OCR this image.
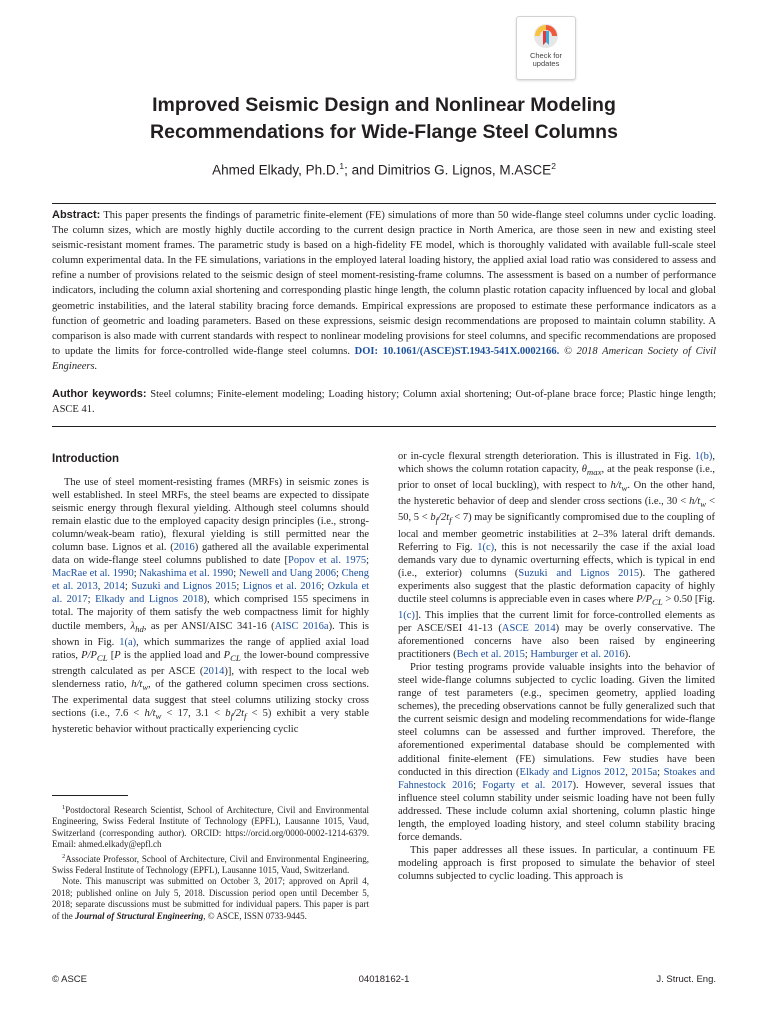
Check for
updates
Improved Seismic Design and Nonlinear Modeling
Recommendations for Wide-Flange Steel Columns
Ahmed Elkady, Ph.D.$^1$; and Dimitrios G. Lignos, M.ASCE$^2$
Abstract: This paper presents the findings of parametric finite-element (FE) simulations of more than 50 wide-flange steel columns under cyclic loading. The column sizes, which are mostly highly ductile according to the current design practice in North America, are those seen in new and existing steel seismic-resistant moment frames. The parametric study is based on a high-fidelity FE model, which is thoroughly validated with available full-scale steel column experimental data. In the FE simulations, variations in the employed lateral loading history, the applied axial load ratio was considered to assess and refine a number of provisions related to the seismic design of steel moment-resisting-frame columns. The assessment is based on a number of performance indicators, including the column axial shortening and corresponding plastic hinge length, the column plastic rotation capacity influenced by local and global geometric instabilities, and the lateral stability bracing force demands. Empirical expressions are proposed to estimate these performance indicators as a function of geometric and loading parameters. Based on these expressions, seismic design recommendations are proposed to maintain column stability. A comparison is also made with current standards with respect to nonlinear modeling provisions for steel columns, and specific recommendations are proposed to update the limits for force-controlled wide-flange steel columns. DOI: 10.1061/(ASCE)ST.1943-541X.0002166. © 2018 American Society of Civil Engineers.
Author keywords: Steel columns; Finite-element modeling; Loading history; Column axial shortening; Out-of-plane brace force; Plastic hinge length; ASCE 41.
Introduction

The use of steel moment-resisting frames (MRFs) in seismic zones is well established. In steel MRFs, the steel beams are expected to dissipate seismic energy through flexural yielding. Although steel columns should remain elastic due to the employed capacity design principles (i.e., strong-column/weak-beam ratio), flexural yielding is still permitted near the column base. Lignos et al. (2016) gathered all the available experimental data on wide-flange steel columns published to date [Popov et al. 1975; MacRae et al. 1990; Nakashima et al. 1990; Newell and Uang 2006; Cheng et al. 2013, 2014; Suzuki and Lignos 2015; Lignos et al. 2016; Ozkula et al. 2017; Elkady and Lignos 2018), which comprised 155 specimens in total. The majority of them satisfy the web compactness limit for highly ductile members, $\lambda_{hd}$, as per ANSI/AISC 341-16 (AISC 2016a). This is shown in Fig. 1(a), which summarizes the range of applied axial load ratios, $P/P_{CL}$ [P is the applied load and $P_{CL}$ the lower-bound compressive strength calculated as per ASCE (2014)], with respect to the local web slenderness ratio, $h/t_w$, of the gathered column specimen cross sections. The experimental data suggest that steel columns utilizing stocky cross sections (i.e., $7.6 < h/t_w < 17$, $3.1 < b_f/2t_f < 5$) exhibit a very stable hysteretic behavior without practically experiencing cyclic

or in-cycle flexural strength deterioration. This is illustrated in Fig. 1(b), which shows the column rotation capacity, $\theta_{max}$, at the peak response (i.e., prior to onset of local buckling), with respect to $h/t_w$. On the other hand, the hysteretic behavior of deep and slender cross sections (i.e., $30 < h/t_w < 50$, $5 < b_f/2t_f < 7$) may be significantly compromised due to the coupling of local and member geometric instabilities at 2–3% lateral drift demands. Referring to Fig. 1(c), this is not necessarily the case if the axial load demands vary due to dynamic overturning effects, which is typical in end (i.e., exterior) columns (Suzuki and Lignos 2015). The gathered experiments also suggest that the plastic deformation capacity of highly ductile steel columns is appreciable even in cases where $P/P_{CL} > 0.50$ [Fig. 1(c)]. This implies that the current limit for force-controlled elements as per ASCE/SEI 41-13 (ASCE 2014) may be overly conservative. The aforementioned concerns have also been raised by engineering practitioners (Bech et al. 2015; Hamburger et al. 2016).

Prior testing programs provide valuable insights into the behavior of steel wide-flange columns subjected to cyclic loading. Given the limited range of test parameters (e.g., specimen geometry, applied loading schemes), the preceding observations cannot be fully generalized such that the current seismic design and modeling recommendations for wide-flange steel columns can be assessed and further improved. Therefore, the aforementioned experimental database should be complemented with additional finite-element (FE) simulations. Few studies have been conducted in this direction (Elkady and Lignos 2012, 2015a; Stoakes and Fahnestock 2016; Fogarty et al. 2017). However, several issues that influence steel column stability under seismic loading have not been fully addressed. These include column axial shortening, column plastic hinge length, the employed loading history, and steel column stability bracing force demands.

This paper addresses all these issues. In particular, a continuum FE modeling approach is first proposed to simulate the behavior of steel columns subjected to cyclic loading. This approach is

$^1$Postdoctoral Research Scientist, School of Architecture, Civil and Environmental Engineering, Swiss Federal Institute of Technology (EPFL), Lausanne 1015, Vaud, Switzerland (corresponding author). ORCID: https://orcid.org/0000-0002-1214-6379. Email: ahmed.elkady@epfl.ch

$^2$Associate Professor, School of Architecture, Civil and Environmental Engineering, Swiss Federal Institute of Technology (EPFL), Lausanne 1015, Vaud, Switzerland.

Note. This manuscript was submitted on October 3, 2017; approved on April 4, 2018; published online on July 5, 2018. Discussion period open until December 5, 2018; separate discussions must be submitted for individual papers. This paper is part of the Journal of Structural Engineering, © ASCE, ISSN 0733-9445.

© ASCE	04018162-1	J. Struct. Eng.
